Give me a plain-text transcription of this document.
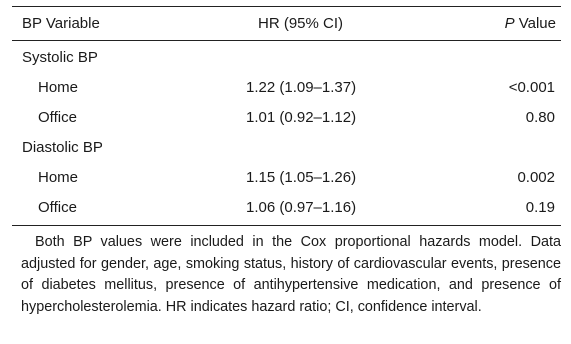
BP Variable	HR (95% CI)	P Value
Systolic BP
Home	1.22 (1.09–1.37)	<0.001
Office	1.01 (0.92–1.12)	0.80
Diastolic BP
Home	1.15 (1.05–1.26)	0.002
Office	1.06 (0.97–1.16)	0.19

Both BP values were included in the Cox proportional hazards model. Data adjusted for gender, age, smoking status, history of cardiovascular events, presence of diabetes mellitus, presence of antihypertensive medication, and presence of hypercholesterolemia. HR indicates hazard ratio; CI, confidence interval.
